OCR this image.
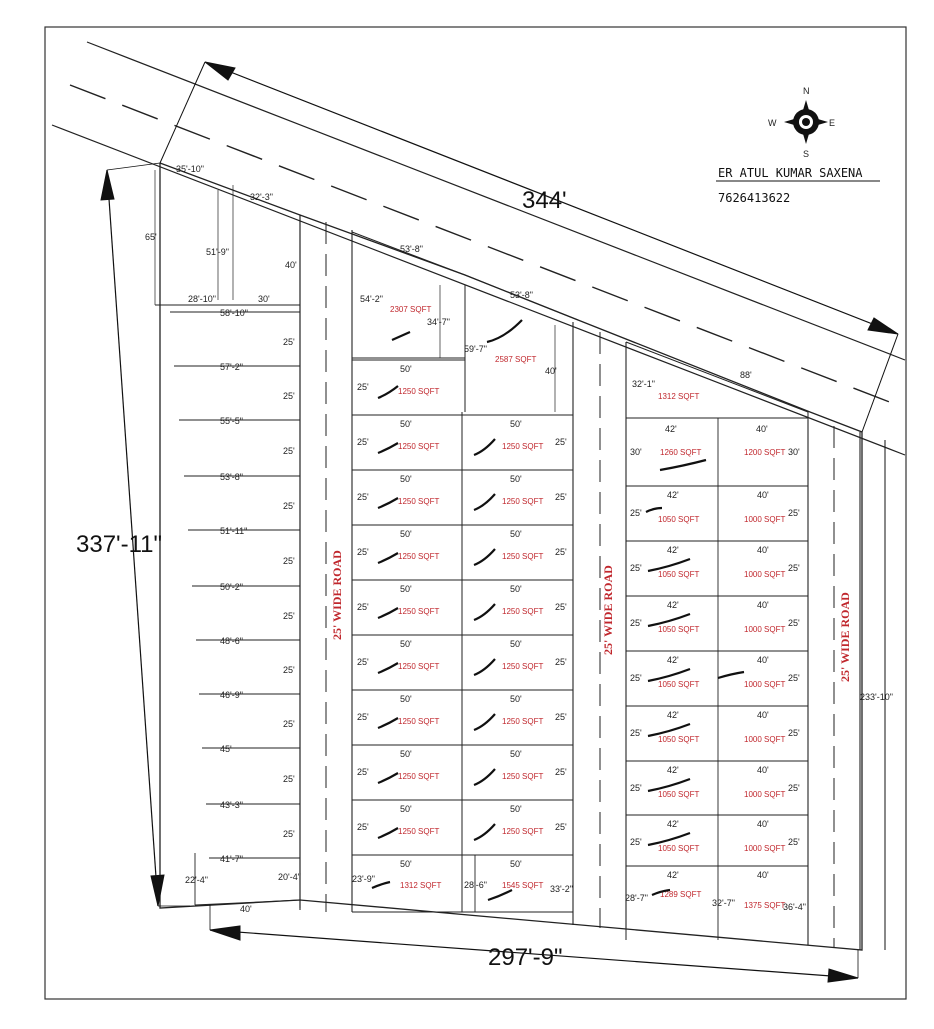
344'
337'-11"
297'-9"
233'-10"
25' WIDE ROAD	25' WIDE ROAD	25' WIDE ROAD
35'-10"
32'-3"
65'
51'-9"
40'
28'-10"	30'
58'-10"
57'-2"
25'
55'-5"
25'
53'-8"
25'
51'-11"
25'
50'-2"
25'
48'-6"
25'
46'-9"
25'
45'
25'
43'-3"
25'
41'-7"
25'
22'-4"	20'-4"
40'
53'-8"
2307 SQFT
54'-2"
34'-7"
53'-8"
2587 SQFT
59'-7"
40'
50'
1250 SQFT
25'
50'	50'
1250 SQFT	1250 SQFT
25'	25'
50'	50'
1250 SQFT	1250 SQFT
25'	25'
50'	50'
1250 SQFT	1250 SQFT
25'	25'
50'	50'
1250 SQFT	1250 SQFT
25'	25'
50'	50'
1250 SQFT	1250 SQFT
25'	25'
50'	50'
1250 SQFT	1250 SQFT
25'	25'
50'	50'
1250 SQFT	1250 SQFT
25'	25'
50'	50'
1250 SQFT	1250 SQFT
25'	25'
50'	50'
1312 SQFT	1545 SQFT
23'-9"
28'-6"	33'-2"
32'-1"
88'
1312 SQFT
42'	40'
1260 SQFT	1200 SQFT
30'	30'
42'	40'
1050 SQFT	1000 SQFT
25'	25'
42'	40'
1050 SQFT	1000 SQFT
25'	25'
42'	40'
1050 SQFT	1000 SQFT
25'	25'
42'	40'
1050 SQFT	1000 SQFT
25'	25'
42'	40'
1050 SQFT	1000 SQFT
25'	25'
42'	40'
1050 SQFT	1000 SQFT
25'	25'
42'	40'
1050 SQFT	1000 SQFT
25'	25'
42'	40'
1289 SQFT
1375 SQFT
28'-7"	32'-7"	36'-4"
N
S
E
W
ER ATUL KUMAR SAXENA
7626413622
